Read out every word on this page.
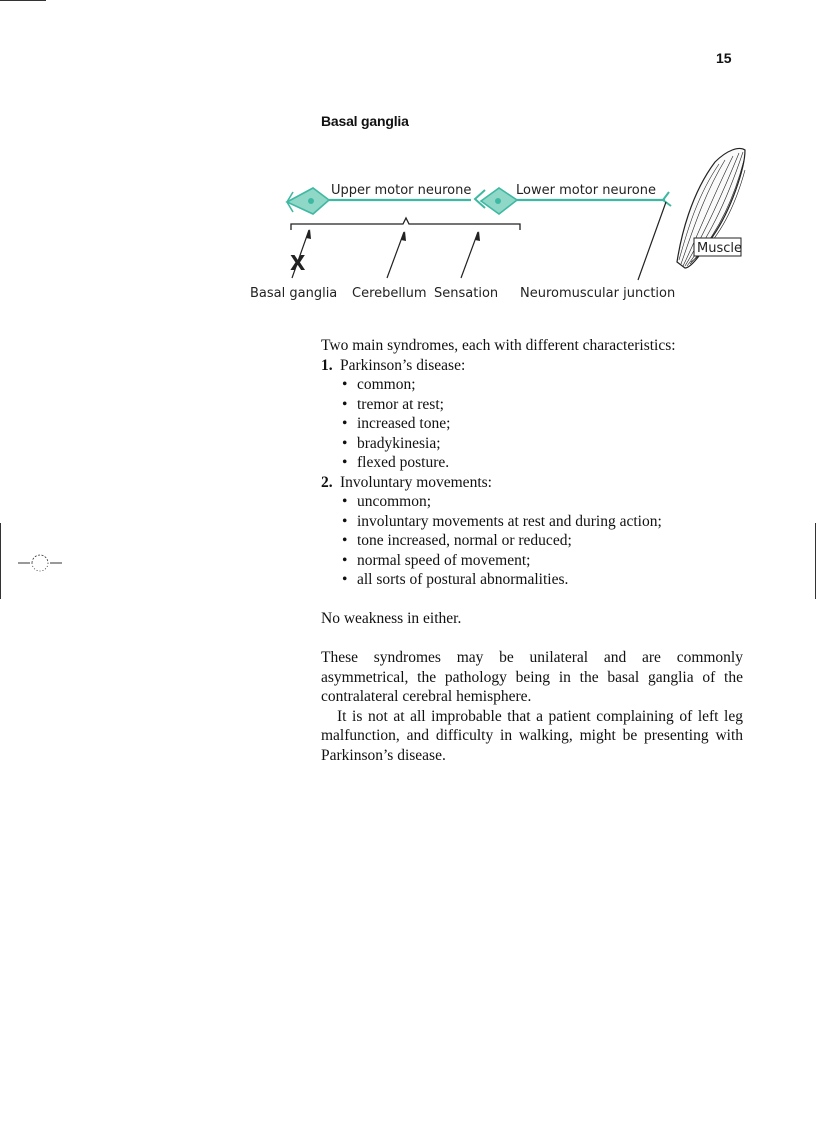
15
Basal ganglia
Upper motor neurone	Lower motor neurone
Muscle
X
Basal ganglia Cerebellum Sensation Neuromuscular junction

Two main syndromes, each with different characteristics:

1. Parkinson’s disease:
• common;
• tremor at rest;
• increased tone;
• bradykinesia;
• flexed posture.
2. Involuntary movements:
• uncommon;
• involuntary movements at rest and during action;
• tone increased, normal or reduced;
• normal speed of movement;
• all sorts of postural abnormalities.

No weakness in either.

These syndromes may be unilateral and are commonly asymmetrical, the pathology being in the basal ganglia of the contralateral cerebral hemisphere.

It is not at all improbable that a patient complaining of left leg malfunction, and difficulty in walking, might be presenting with Parkinson’s disease.
